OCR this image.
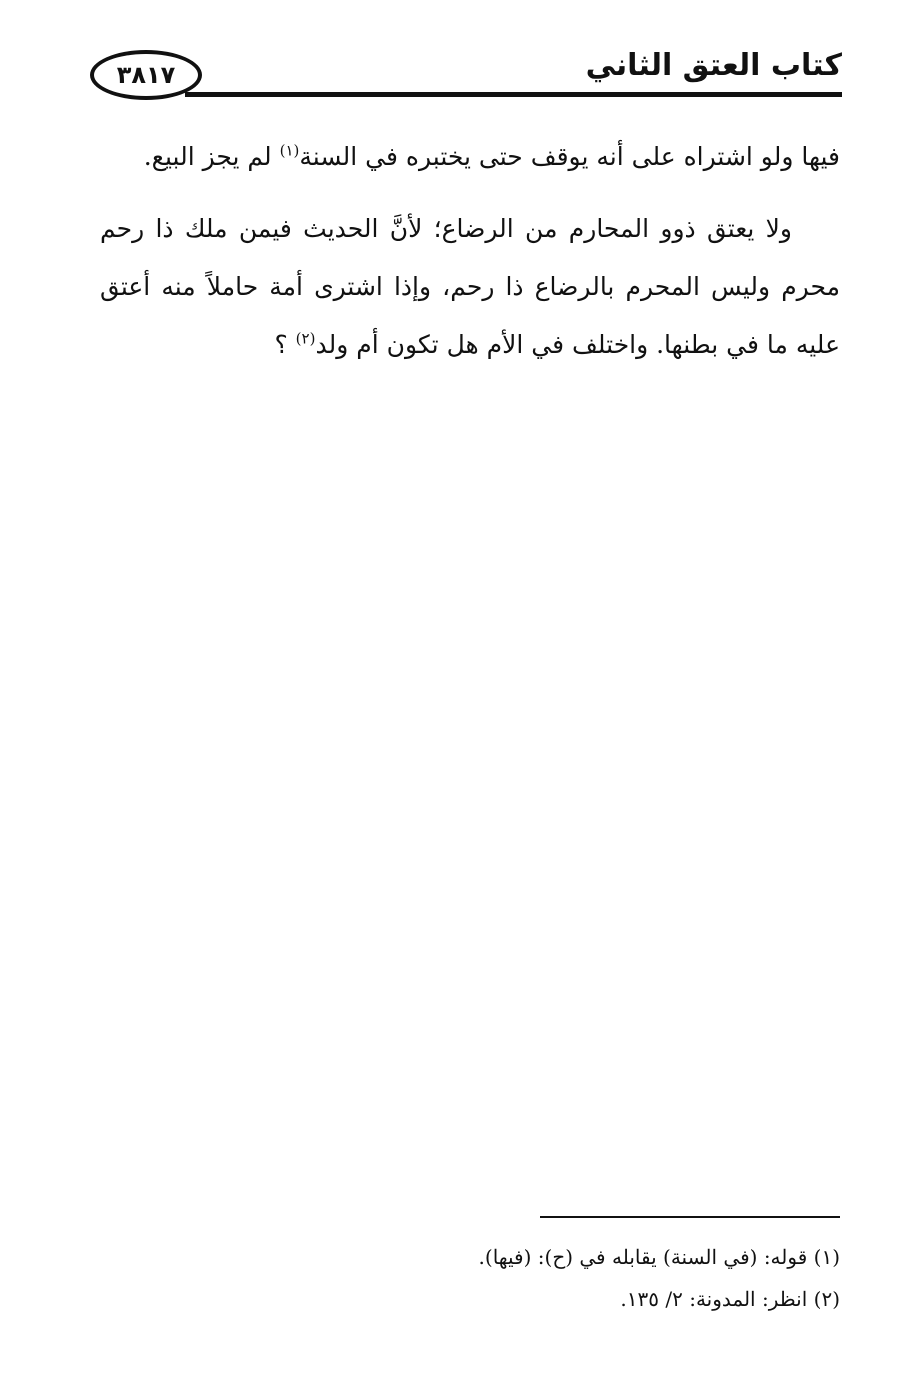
٣٨١٧	كتاب العتق الثاني

فيها ولو اشتراه على أنه يوقف حتى يختبره في السنة$^{(١)}$ لم يجز البيع.

ولا يعتق ذوو المحارم من الرضاع؛ لأنَّ الحديث فيمن ملك ذا رحم محرم وليس المحرم بالرضاع ذا رحم، وإذا اشترى أمة حاملاً منه أعتق عليه ما في بطنها. واختلف في الأم هل تكون أم ولد$^{(٢)}$ ؟

(١) قوله: (في السنة) يقابله في (ح): (فيها).

(٢) انظر: المدونة: ٢/ ١٣٥.
